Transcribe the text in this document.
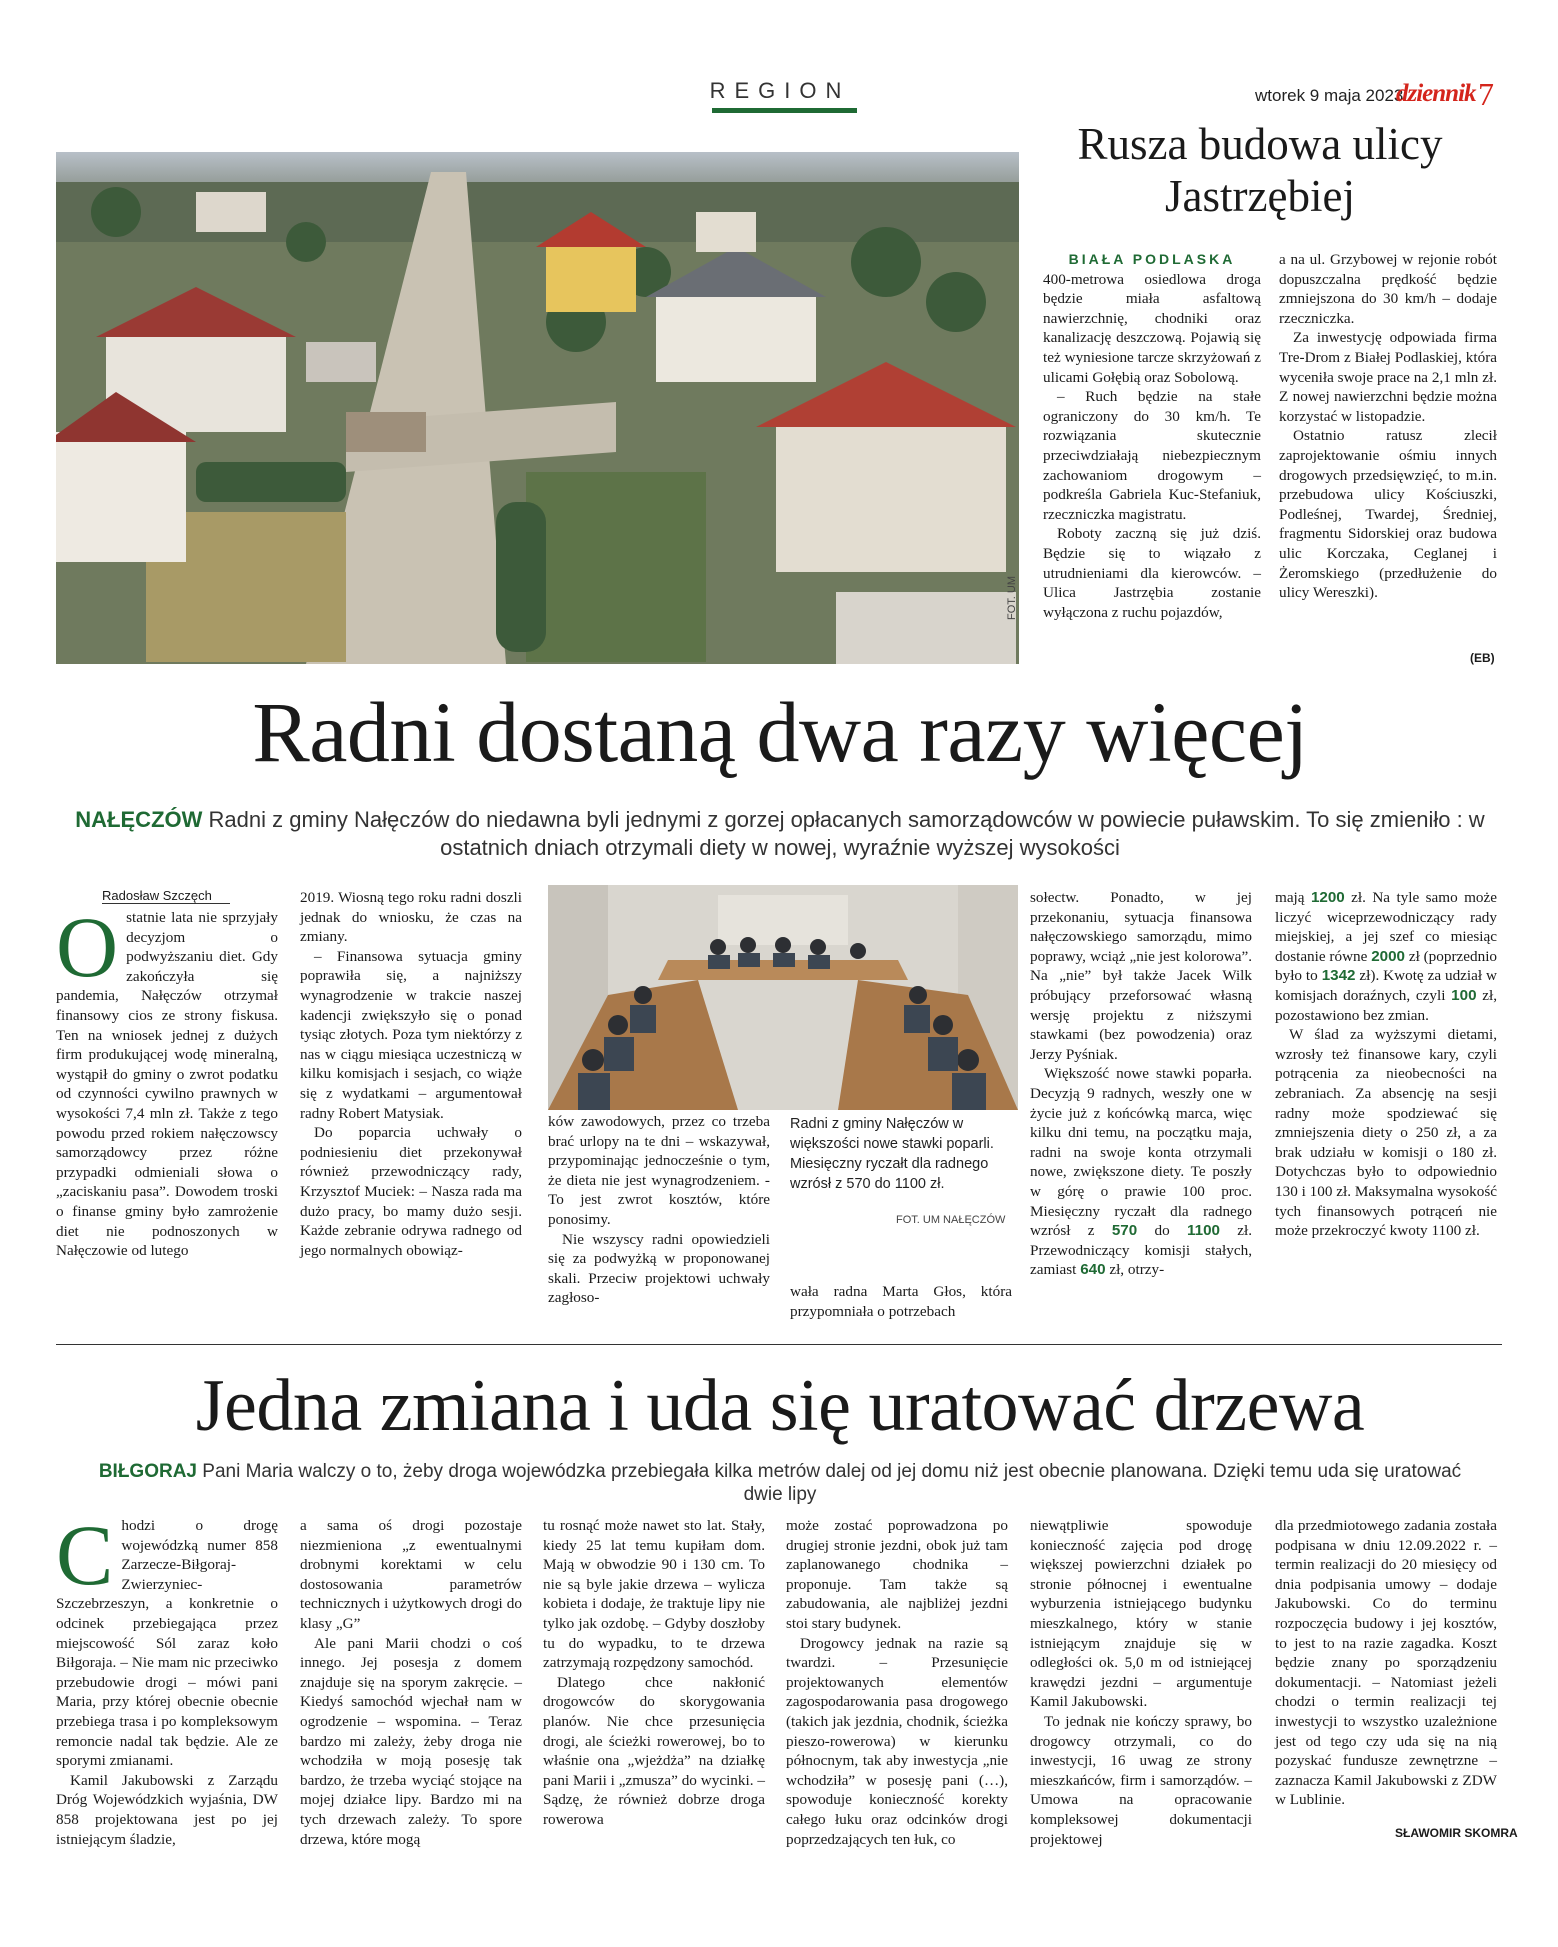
REGION	wtorek 9 maja 2023
dziennik 7
FOT. UM
Rusza budowa ulicy Jastrzębiej

BIAŁA PODLASKA

400-metrowa osiedlowa droga będzie miała asfaltową nawierzchnię, chodniki oraz kanalizację deszczową. Pojawią się też wyniesione tarcze skrzyżowań z ulicami Gołębią oraz Sobolową.

– Ruch będzie na stałe ograniczony do 30 km/h. Te rozwiązania skutecznie przeciwdziałają niebezpiecznym zachowaniom drogowym – podkreśla Gabriela Kuc-Stefaniuk, rzeczniczka magistratu.

Roboty zaczną się już dziś. Będzie się to wiązało z utrudnieniami dla kierowców. – Ulica Jastrzębia zostanie wyłączona z ruchu pojazdów,

a na ul. Grzybowej w rejonie robót dopuszczalna prędkość będzie zmniejszona do 30 km/h – dodaje rzeczniczka.

Za inwestycję odpowiada firma Tre-Drom z Białej Podlaskiej, która wyceniła swoje prace na 2,1 mln zł. Z nowej nawierzchni będzie można korzystać w listopadzie.

Ostatnio ratusz zlecił zaprojektowanie ośmiu innych drogowych przedsięwzięć, to m.in. przebudowa ulicy Kościuszki, Podleśnej, Twardej, Średniej, fragmentu Sidorskiej oraz budowa ulic Korczaka, Ceglanej i Żeromskiego (przedłużenie do ulicy Wereszki).

(EB)
Radni dostaną dwa razy więcej
NAŁĘCZÓW Radni z gminy Nałęczów do niedawna byli jednymi z gorzej opłacanych samorządowców w powiecie puławskim. To się zmieniło : w ostatnich dniach otrzymali diety w nowej, wyraźnie wyższej wysokości
Radosław Szczęch
O statnie lata nie sprzyjały decyzjom o podwyższaniu diet. Gdy zakończyła się pandemia, Nałęczów otrzymał finansowy cios ze strony fiskusa. Ten na wniosek jednej z dużych firm produkującej wodę mineralną, wystąpił do gminy o zwrot podatku od czynności cywilno prawnych w wysokości 7,4 mln zł. Także z tego powodu przed rokiem nałęczowscy samorządowcy przez różne przypadki odmieniali słowa o „zaciskaniu pasa”. Dowodem troski o finanse gminy było zamrożenie diet nie podnoszonych w Nałęczowie od lutego

2019. Wiosną tego roku radni doszli jednak do wniosku, że czas na zmiany.

– Finansowa sytuacja gminy poprawiła się, a najniższy wynagrodzenie w trakcie naszej kadencji zwiększyło się o ponad tysiąc złotych. Poza tym niektórzy z nas w ciągu miesiąca uczestniczą w kilku komisjach i sesjach, co wiąże się z wydatkami – argumentował radny Robert Matysiak.

Do poparcia uchwały o podniesieniu diet przekonywał również przewodniczący rady, Krzysztof Muciek: – Nasza rada ma dużo pracy, bo mamy dużo sesji. Każde zebranie odrywa radnego od jego normalnych obowiąz-

ków zawodowych, przez co trzeba brać urlopy na te dni – wskazywał, przypominając jednocześnie o tym, że dieta nie jest wynagrodzeniem. - To jest zwrot kosztów, które ponosimy.

Nie wszyscy radni opowiedzieli się za podwyżką w proponowanej skali. Przeciw projektowi uchwały zagłoso-

Radni z gminy Nałęczów w większości nowe stawki poparli. Miesięczny ryczałt dla radnego wzrósł z 570 do 1100 zł.
FOT. UM NAŁĘCZÓW

wała radna Marta Głos, która przypomniała o potrzebach

sołectw. Ponadto, w jej przekonaniu, sytuacja finansowa nałęczowskiego samorządu, mimo poprawy, wciąż „nie jest kolorowa”. Na „nie” był także Jacek Wilk próbujący przeforsować własną wersję projektu z niższymi stawkami (bez powodzenia) oraz Jerzy Pyśniak.

Większość nowe stawki poparła. Decyzją 9 radnych, weszły one w życie już z końcówką marca, więc kilku dni temu, na początku maja, radni na swoje konta otrzymali nowe, zwiększone diety. Te poszły w górę o prawie 100 proc. Miesięczny ryczałt dla radnego wzrósł z 570 do 1100 zł. Przewodniczący komisji stałych, zamiast 640 zł, otrzy-

mają 1200 zł. Na tyle samo może liczyć wiceprzewodniczący rady miejskiej, a jej szef co miesiąc dostanie równe 2000 zł (poprzednio było to 1342 zł). Kwotę za udział w komisjach doraźnych, czyli 100 zł, pozostawiono bez zmian.

W ślad za wyższymi dietami, wzrosły też finansowe kary, czyli potrącenia za nieobecności na zebraniach. Za absencję na sesji radny może spodziewać się zmniejszenia diety o 250 zł, a za brak udziału w komisji o 180 zł. Dotychczas było to odpowiednio 130 i 100 zł. Maksymalna wysokość tych finansowych potrąceń nie może przekroczyć kwoty 1100 zł.

Jedna zmiana i uda się uratować drzewa
BIŁGORAJ Pani Maria walczy o to, żeby droga wojewódzka przebiegała kilka metrów dalej od jej domu niż jest obecnie planowana. Dzięki temu uda się uratować dwie lipy
C hodzi o drogę wojewódzką numer 858 Zarzecze-Biłgoraj-Zwierzyniec-Szczebrzeszyn, a konkretnie o odcinek przebiegająca przez miejscowość Sól zaraz koło Biłgoraja. – Nie mam nic przeciwko przebudowie drogi – mówi pani Maria, przy której obecnie obecnie przebiega trasa i po kompleksowym remoncie nadal tak będzie. Ale ze sporymi zmianami.

Kamil Jakubowski z Zarządu Dróg Wojewódzkich wyjaśnia, DW 858 projektowana jest po jej istniejącym śladzie,

a sama oś drogi pozostaje niezmieniona „z ewentualnymi drobnymi korektami w celu dostosowania parametrów technicznych i użytkowych drogi do klasy „G”

Ale pani Marii chodzi o coś innego. Jej posesja z domem znajduje się na sporym zakręcie. – Kiedyś samochód wjechał nam w ogrodzenie – wspomina. – Teraz bardzo mi zależy, żeby droga nie wchodziła w moją posesję tak bardzo, że trzeba wyciąć stojące na mojej działce lipy. Bardzo mi na tych drzewach zależy. To spore drzewa, które mogą

tu rosnąć może nawet sto lat. Stały, kiedy 25 lat temu kupiłam dom. Mają w obwodzie 90 i 130 cm. To nie są byle jakie drzewa – wylicza kobieta i dodaje, że traktuje lipy nie tylko jak ozdobę. – Gdyby doszłoby tu do wypadku, to te drzewa zatrzymają rozpędzony samochód.

Dlatego chce nakłonić drogowców do skorygowania planów. Nie chce przesunięcia drogi, ale ścieżki rowerowej, bo to właśnie ona „wjeżdża” na działkę pani Marii i „zmusza” do wycinki. – Sądzę, że również dobrze droga rowerowa

może zostać poprowadzona po drugiej stronie jezdni, obok już tam zaplanowanego chodnika – proponuje. Tam także są zabudowania, ale najbliżej jezdni stoi stary budynek.

Drogowcy jednak na razie są twardzi. – Przesunięcie projektowanych elementów zagospodarowania pasa drogowego (takich jak jezdnia, chodnik, ścieżka pieszo-rowerowa) w kierunku północnym, tak aby inwestycja „nie wchodziła” w posesję pani (…), spowoduje konieczność korekty całego łuku oraz odcinków drogi poprzedzających ten łuk, co

niewątpliwie spowoduje konieczność zajęcia pod drogę większej powierzchni działek po stronie północnej i ewentualne wyburzenia istniejącego budynku mieszkalnego, który w stanie istniejącym znajduje się w odległości ok. 5,0 m od istniejącej krawędzi jezdni – argumentuje Kamil Jakubowski.

To jednak nie kończy sprawy, bo drogowcy otrzymali, co do inwestycji, 16 uwag ze strony mieszkańców, firm i samorządów. – Umowa na opracowanie kompleksowej dokumentacji projektowej

dla przedmiotowego zadania została podpisana w dniu 12.09.2022 r. – termin realizacji do 20 miesięcy od dnia podpisania umowy – dodaje Jakubowski. Co do terminu rozpoczęcia budowy i jej kosztów, to jest to na razie zagadka. Koszt będzie znany po sporządzeniu dokumentacji. – Natomiast jeżeli chodzi o termin realizacji tej inwestycji to wszystko uzależnione jest od tego czy uda się na nią pozyskać fundusze zewnętrzne – zaznacza Kamil Jakubowski z ZDW w Lublinie.

SŁAWOMIR SKOMRA
